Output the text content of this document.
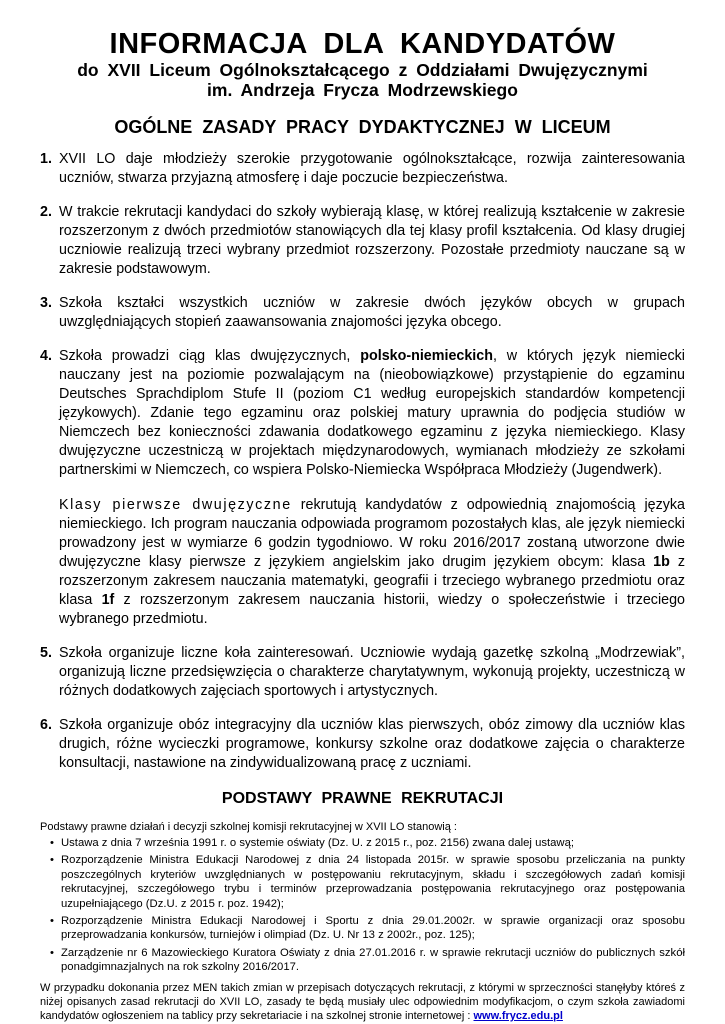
INFORMACJA DLA KANDYDATÓW
do XVII Liceum Ogólnokształcącego z Oddziałami Dwujęzycznymi
im. Andrzeja Frycza Modrzewskiego
OGÓLNE ZASADY PRACY DYDAKTYCZNEJ W LICEUM
1. XVII LO daje młodzieży szerokie przygotowanie ogólnokształcące, rozwija zainteresowania uczniów, stwarza przyjazną atmosferę i daje poczucie bezpieczeństwa.

2. W trakcie rekrutacji kandydaci do szkoły wybierają klasę, w której realizują kształcenie w zakresie rozszerzonym z dwóch przedmiotów stanowiących dla tej klasy profil kształcenia. Od klasy drugiej uczniowie realizują trzeci wybrany przedmiot rozszerzony. Pozostałe przedmioty nauczane są w zakresie podstawowym.

3. Szkoła kształci wszystkich uczniów w zakresie dwóch języków obcych w grupach uwzględniających stopień zaawansowania znajomości języka obcego.

4. Szkoła prowadzi ciąg klas dwujęzycznych, polsko-niemieckich, w których język niemiecki nauczany jest na poziomie pozwalającym na (nieobowiązkowe) przystąpienie do egzaminu Deutsches Sprachdiplom Stufe II (poziom C1 według europejskich standardów kompetencji językowych). Zdanie tego egzaminu oraz polskiej matury uprawnia do podjęcia studiów w Niemczech bez konieczności zdawania dodatkowego egzaminu z języka niemieckiego. Klasy dwujęzyczne uczestniczą w projektach międzynarodowych, wymianach młodzieży ze szkołami partnerskimi w Niemczech, co wspiera Polsko-Niemiecka Współpraca Młodzieży (Jugendwerk).

Klasy pierwsze dwujęzyczne rekrutują kandydatów z odpowiednią znajomością języka niemieckiego. Ich program nauczania odpowiada programom pozostałych klas, ale język niemiecki prowadzony jest w wymiarze 6 godzin tygodniowo. W roku 2016/2017 zostaną utworzone dwie dwujęzyczne klasy pierwsze z językiem angielskim jako drugim językiem obcym: klasa 1b z rozszerzonym zakresem nauczania matematyki, geografii i trzeciego wybranego przedmiotu oraz klasa 1f z rozszerzonym zakresem nauczania historii, wiedzy o społeczeństwie i trzeciego wybranego przedmiotu.

5. Szkoła organizuje liczne koła zainteresowań. Uczniowie wydają gazetkę szkolną „Modrzewiak”, organizują liczne przedsięwzięcia o charakterze charytatywnym, wykonują projekty, uczestniczą w różnych dodatkowych zajęciach sportowych i artystycznych.

6. Szkoła organizuje obóz integracyjny dla uczniów klas pierwszych, obóz zimowy dla uczniów klas drugich, różne wycieczki programowe, konkursy szkolne oraz dodatkowe zajęcia o charakterze konsultacji, nastawione na zindywidualizowaną pracę z uczniami.

PODSTAWY PRAWNE REKRUTACJI

Podstawy prawne działań i decyzji szkolnej komisji rekrutacyjnej w XVII LO stanowią :

• Ustawa z dnia 7 września 1991 r. o systemie oświaty (Dz. U. z 2015 r., poz. 2156) zwana dalej ustawą;
• Rozporządzenie Ministra Edukacji Narodowej z dnia 24 listopada 2015r. w sprawie sposobu przeliczania na punkty poszczególnych kryteriów uwzględnianych w postępowaniu rekrutacyjnym, składu i szczegółowych zadań komisji rekrutacyjnej, szczegółowego trybu i terminów przeprowadzania postępowania rekrutacyjnego oraz postępowania uzupełniającego (Dz.U. z 2015 r. poz. 1942);
• Rozporządzenie Ministra Edukacji Narodowej i Sportu z dnia 29.01.2002r. w sprawie organizacji oraz sposobu przeprowadzania konkursów, turniejów i olimpiad (Dz. U. Nr 13 z 2002r., poz. 125);
• Zarządzenie nr 6 Mazowieckiego Kuratora Oświaty z dnia 27.01.2016 r. w sprawie rekrutacji uczniów do publicznych szkół ponadgimnazjalnych na rok szkolny 2016/2017.

W przypadku dokonania przez MEN takich zmian w przepisach dotyczących rekrutacji, z którymi w sprzeczności stanęłyby któreś z niżej opisanych zasad rekrutacji do XVII LO, zasady te będą musiały ulec odpowiednim modyfikacjom, o czym szkoła zawiadomi kandydatów ogłoszeniem na tablicy przy sekretariacie i na szkolnej stronie internetowej : www.frycz.edu.pl
